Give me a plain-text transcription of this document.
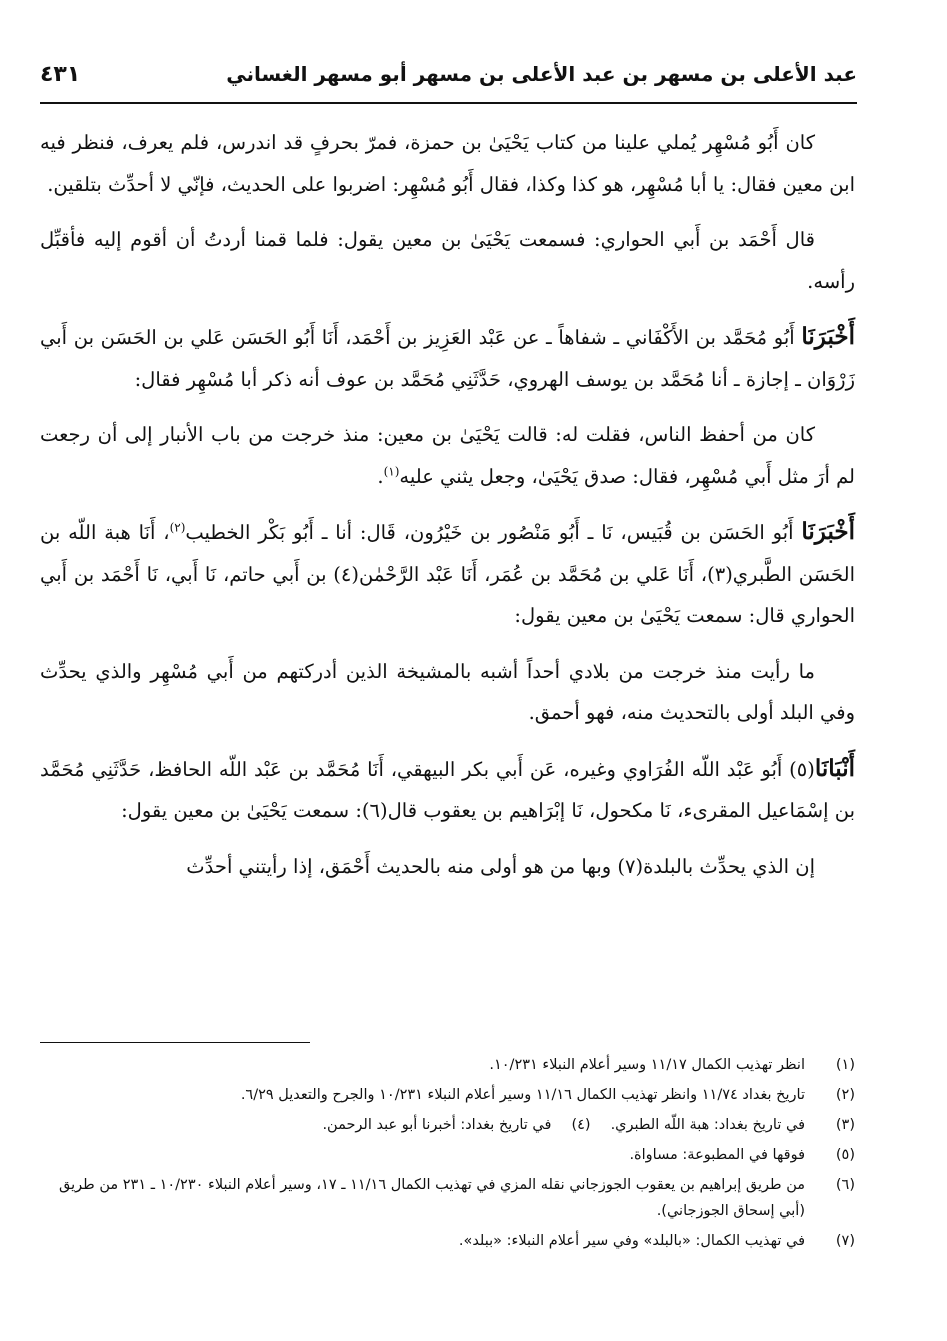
عبد الأعلى بن مسهر بن عبد الأعلى بن مسهر أبو مسهر الغساني
٤٣١

كان أَبُو مُسْهِر يُملي علينا من كتاب يَحْيَىٰ بن حمزة، فمرّ بحرفٍ قد اندرس، فلم يعرف، فنظر فيه ابن معين فقال: يا أبا مُسْهِر، هو كذا وكذا، فقال أَبُو مُسْهِر: اضربوا على الحديث، فإنّي لا أحدِّث بتلقين.

قال أَحْمَد بن أَبي الحواري: فسمعت يَحْيَىٰ بن معين يقول: فلما قمنا أردتُ أن أقوم إليه فأقبِّل رأسه.

أَخْبَرَنَا أَبُو مُحَمَّد بن الأَكْفَاني ـ شفاهاً ـ عن عَبْد العَزِيز بن أَحْمَد، أَنَا أَبُو الحَسَن عَلي بن الحَسَن بن أَبي زَرْوَان ـ إجازة ـ أنا مُحَمَّد بن يوسف الهروي، حَدَّثَنِي مُحَمَّد بن عوف أنه ذكر أبا مُسْهِر فقال:

كان من أحفظ الناس، فقلت له: قالت يَحْيَىٰ بن معين: منذ خرجت من باب الأنبار إلى أن رجعت لم أرَ مثل أَبي مُسْهِر، فقال: صدق يَحْيَىٰ، وجعل يثني عليه$^{(١)}$.

أَخْبَرَنَا أَبُو الحَسَن بن قُبَيس، نَا ـ أَبُو مَنْصُور بن خَيْرُون، قَال: أنا ـ أَبُو بَكْر الخطيب$^{(٢)}$، أَنَا هبة اللّه بن الحَسَن الطَّبري(٣)، أَنَا عَلي بن مُحَمَّد بن عُمَر، أَنَا عَبْد الرَّحْمٰن(٤) بن أَبي حاتم، نَا أَبي، نَا أَحْمَد بن أَبي الحواري قال: سمعت يَحْيَىٰ بن معين يقول:

ما رأيت منذ خرجت من بلادي أحداً أشبه بالمشيخة الذين أدركتهم من أَبي مُسْهِر والذي يحدِّث وفي البلد أولى بالتحديث منه، فهو أحمق.

أَنْبَانَا(٥) أَبُو عَبْد اللّه الفُرَاوي وغيره، عَن أَبي بكر البيهقي، أَنَا مُحَمَّد بن عَبْد اللّه الحافظ، حَدَّثَنِي مُحَمَّد بن إسْمَاعيل المقرىء، نَا مكحول، نَا إبْرَاهيم بن يعقوب قال(٦): سمعت يَحْيَىٰ بن معين يقول:

إن الذي يحدِّث بالبلدة(٧) وبها من هو أولى منه بالحديث أَحْمَق، إذا رأيتني أحدِّث

(١)
انظر تهذيب الكمال ١١/١٧ وسير أعلام النبلاء ١٠/٢٣١.
(٢)
تاريخ بغداد ١١/٧٤ وانظر تهذيب الكمال ١١/١٦ وسير أعلام النبلاء ١٠/٢٣١ والجرح والتعديل ٦/٢٩.
(٣)
في تاريخ بغداد: هبة اللّه الطبري.
(٤)
في تاريخ بغداد: أخبرنا أبو عبد الرحمن.
(٥)
فوقها في المطبوعة: مساواة.
(٦)
من طريق إبراهيم بن يعقوب الجوزجاني نقله المزي في تهذيب الكمال ١١/١٦ ـ ١٧، وسير أعلام النبلاء ١٠/٢٣٠ ـ ٢٣١ من طريق (أبي إسحاق الجوزجاني).
(٧)
في تهذيب الكمال: «بالبلد» وفي سير أعلام النبلاء: «ببلد».
